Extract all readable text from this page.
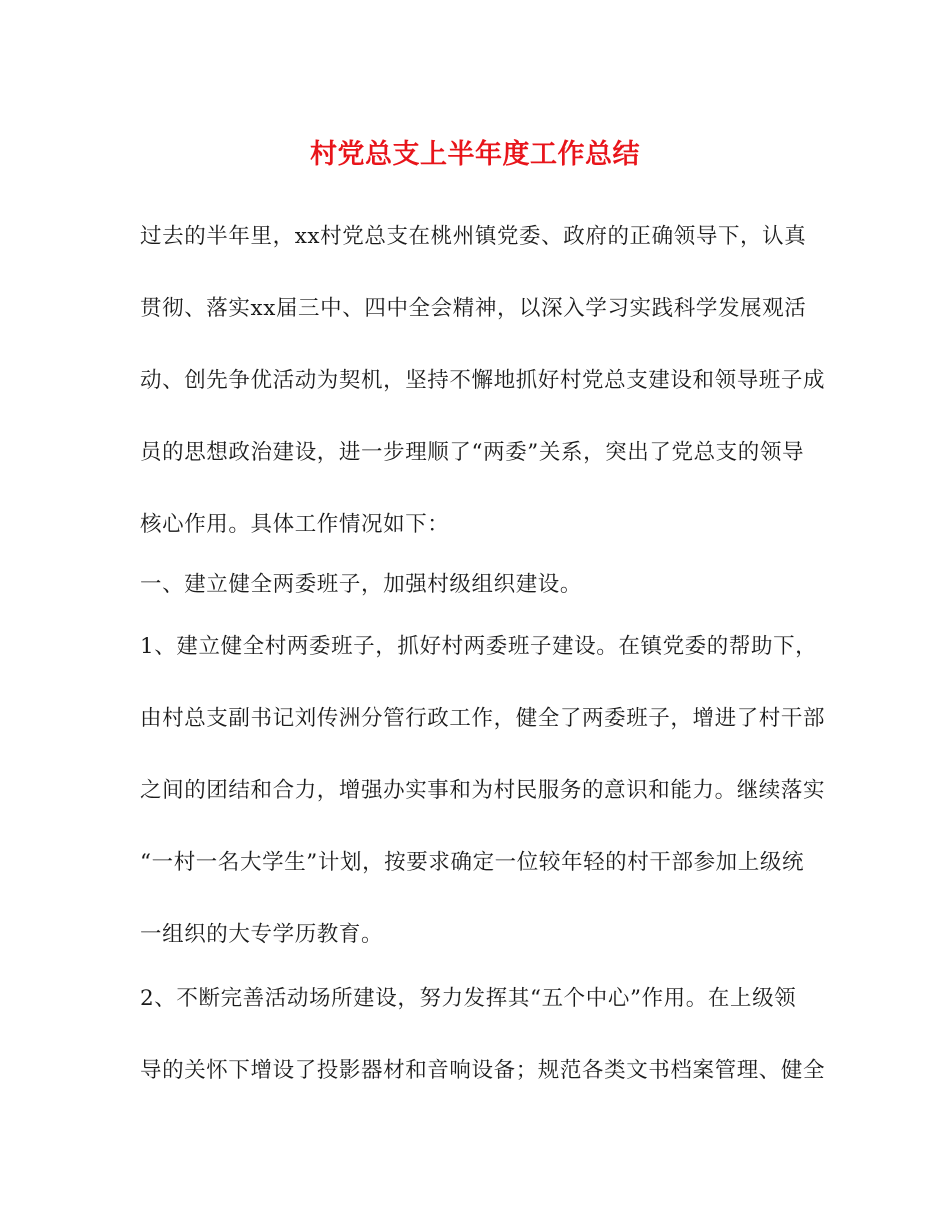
村党总支上半年度工作总结
过去的半年里，xx村党总支在桃州镇党委、政府的正确领导下，认真
贯彻、落实xx届三中、四中全会精神，以深入学习实践科学发展观活
动、创先争优活动为契机，坚持不懈地抓好村党总支建设和领导班子成
员的思想政治建设，进一步理顺了“两委”关系，突出了党总支的领导
核心作用。具体工作情况如下：
一、建立健全两委班子，加强村级组织建设。
1、建立健全村两委班子，抓好村两委班子建设。在镇党委的帮助下，
由村总支副书记刘传洲分管行政工作，健全了两委班子，增进了村干部
之间的团结和合力，增强办实事和为村民服务的意识和能力。继续落实
“一村一名大学生”计划，按要求确定一位较年轻的村干部参加上级统
一组织的大专学历教育。
2、不断完善活动场所建设，努力发挥其“五个中心”作用。在上级领
导的关怀下增设了投影器材和音响设备；规范各类文书档案管理、健全
